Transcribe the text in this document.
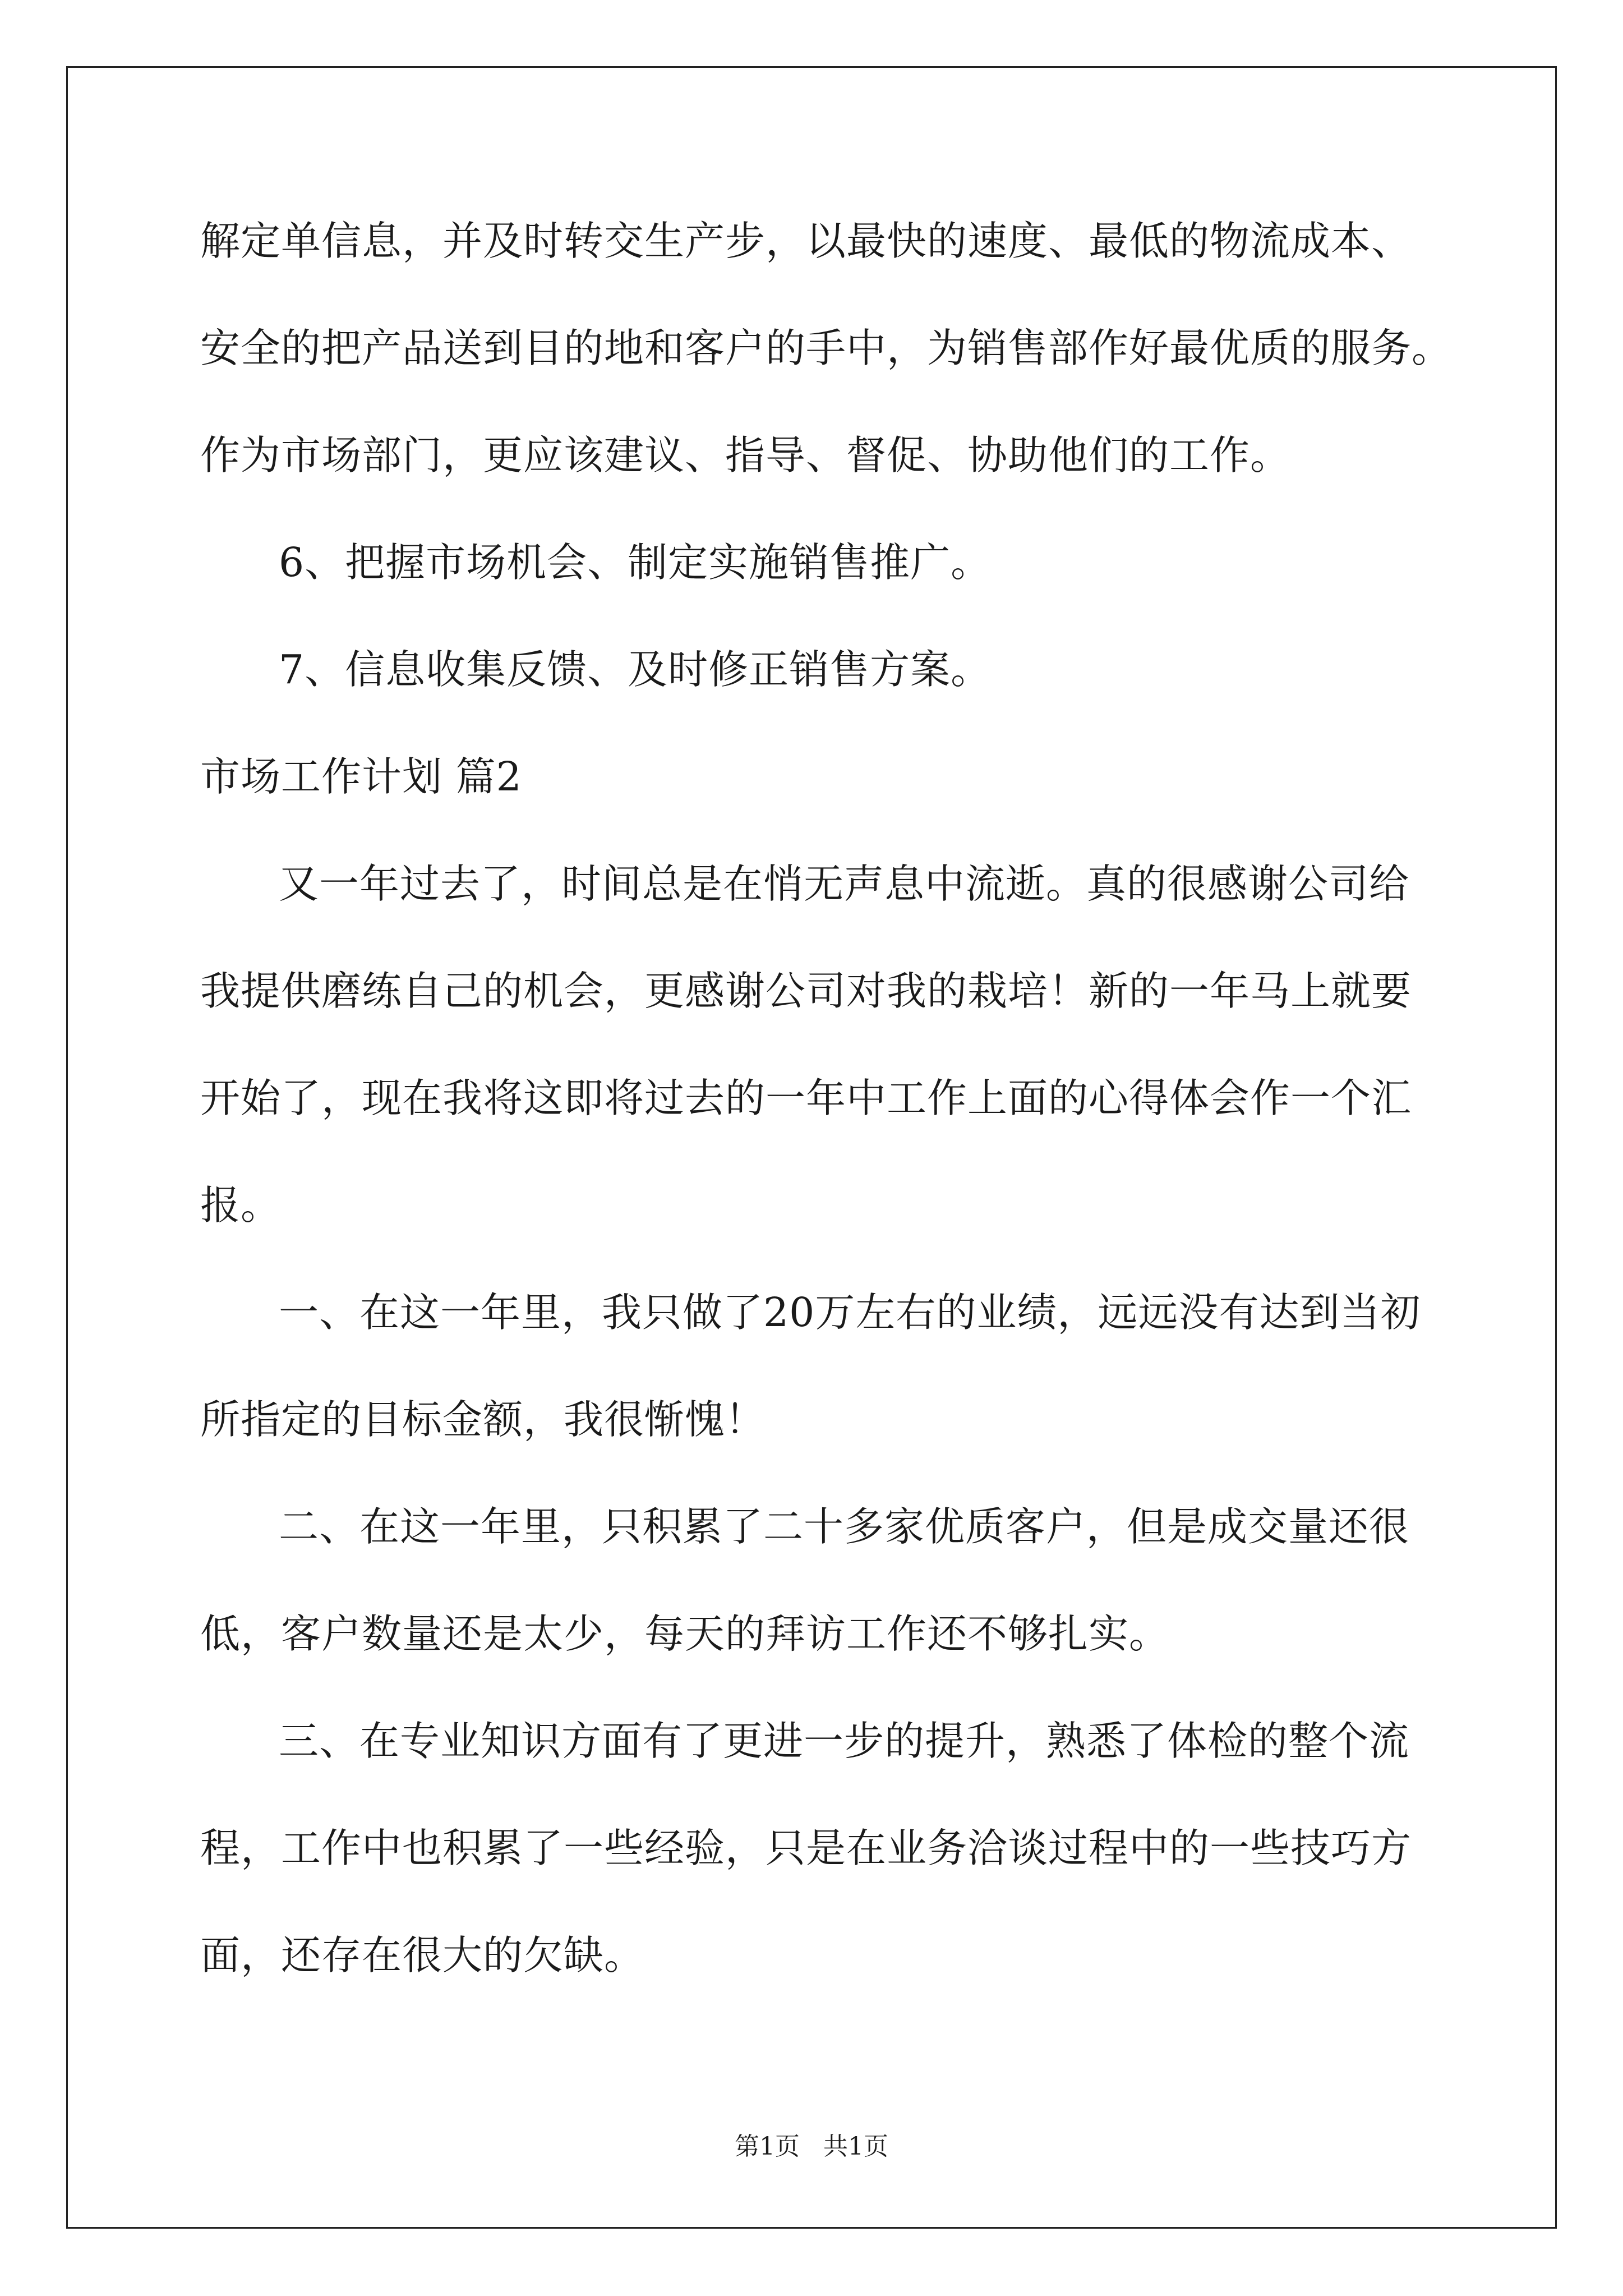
解定单信息，并及时转交生产步，以最快的速度、最低的物流成本、

安全的把产品送到目的地和客户的手中，为销售部作好最优质的服务。

作为市场部门，更应该建议、指导、督促、协助他们的工作。

6、把握市场机会、制定实施销售推广。

7、信息收集反馈、及时修正销售方案。

市场工作计划 篇2

又一年过去了，时间总是在悄无声息中流逝。真的很感谢公司给

我提供磨练自己的机会，更感谢公司对我的栽培！新的一年马上就要

开始了，现在我将这即将过去的一年中工作上面的心得体会作一个汇

报。

一、在这一年里，我只做了20万左右的业绩，远远没有达到当初

所指定的目标金额，我很惭愧！

二、在这一年里，只积累了二十多家优质客户，但是成交量还很

低，客户数量还是太少，每天的拜访工作还不够扎实。

三、在专业知识方面有了更进一步的提升，熟悉了体检的整个流

程，工作中也积累了一些经验，只是在业务洽谈过程中的一些技巧方

面，还存在很大的欠缺。

第1页   共1页
